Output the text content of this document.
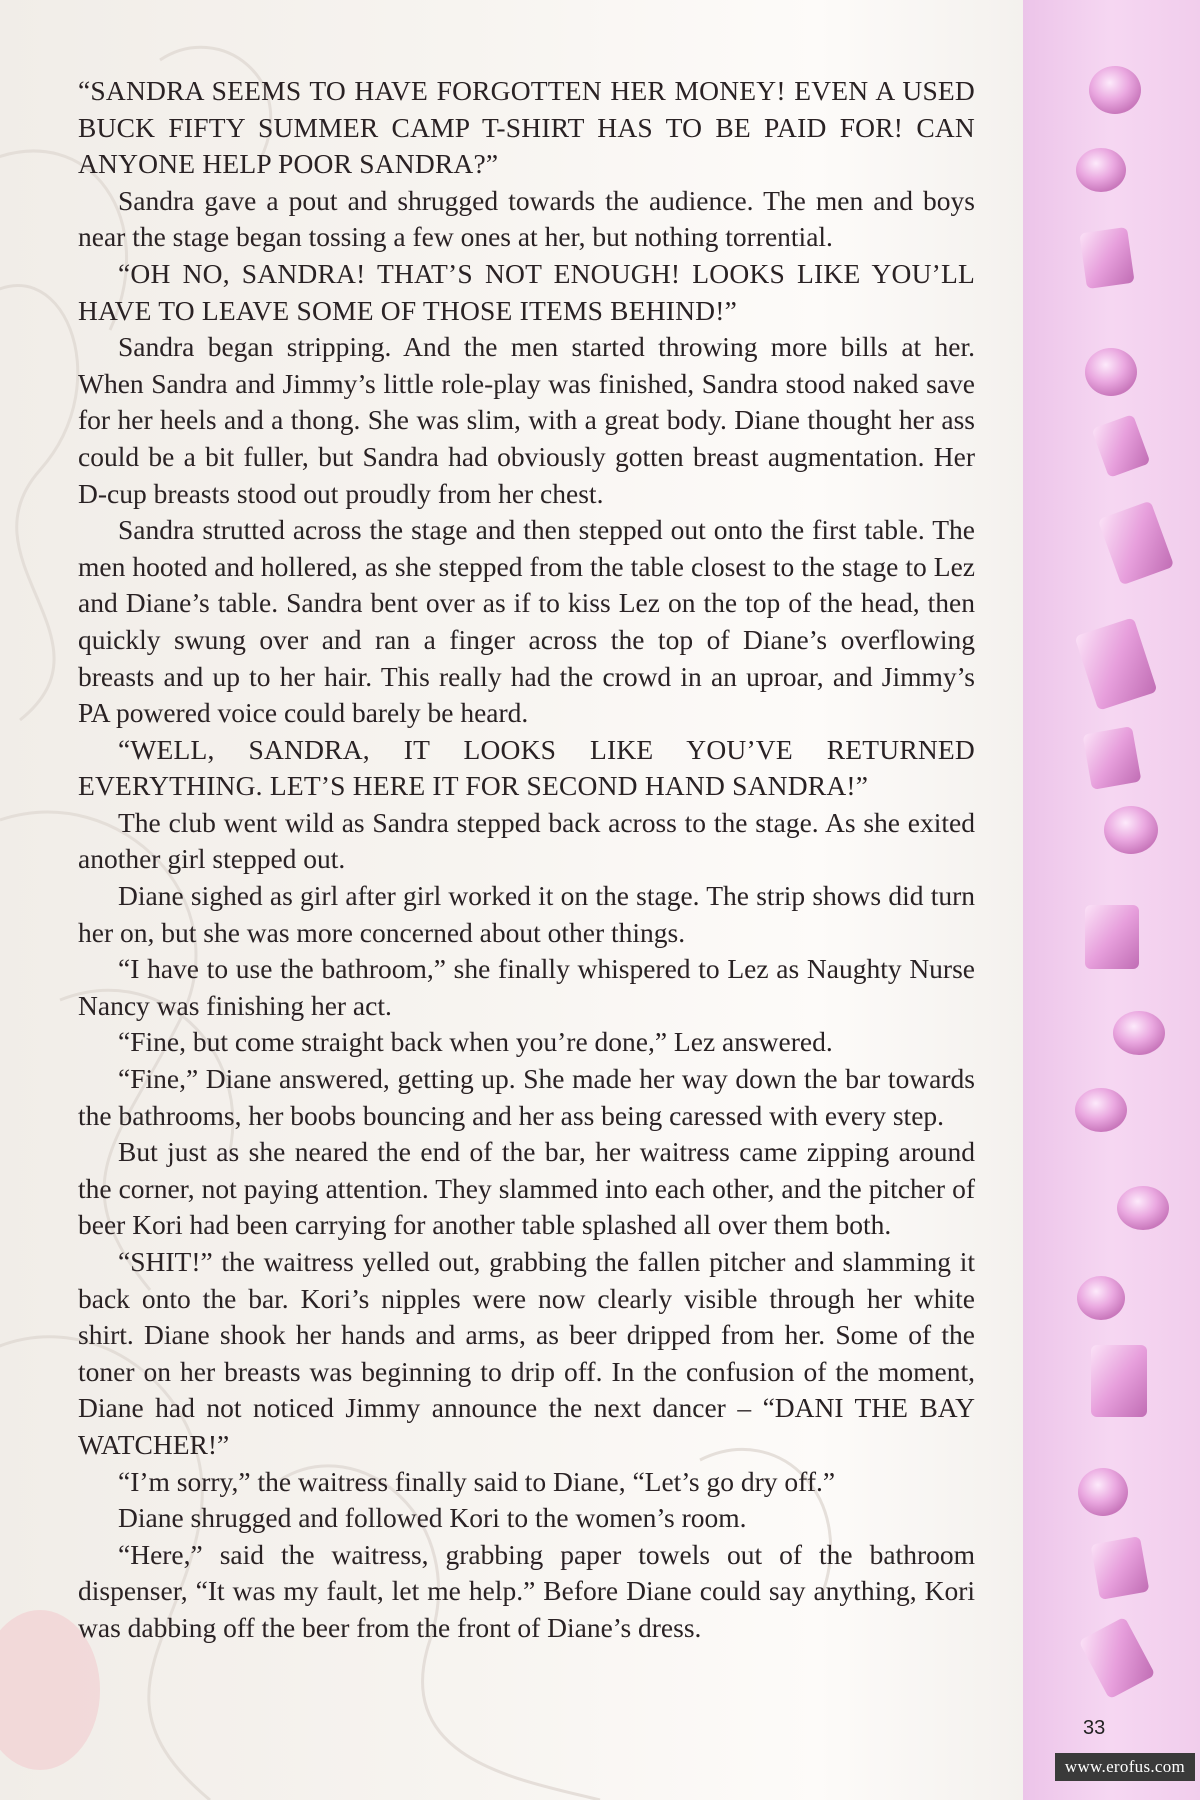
“SANDRA SEEMS TO HAVE FORGOTTEN HER MONEY! EVEN A USED BUCK FIFTY SUMMER CAMP T-SHIRT HAS TO BE PAID FOR! CAN ANYONE HELP POOR SANDRA?”

Sandra gave a pout and shrugged towards the audience. The men and boys near the stage began tossing a few ones at her, but nothing torrential.

“OH NO, SANDRA! THAT’S NOT ENOUGH! LOOKS LIKE YOU’LL HAVE TO LEAVE SOME OF THOSE ITEMS BEHIND!”

Sandra began stripping. And the men started throwing more bills at her. When Sandra and Jimmy’s little role-play was finished, Sandra stood naked save for her heels and a thong. She was slim, with a great body. Diane thought her ass could be a bit fuller, but Sandra had obviously gotten breast augmentation. Her D-cup breasts stood out proudly from her chest.

Sandra strutted across the stage and then stepped out onto the first table. The men hooted and hollered, as she stepped from the table closest to the stage to Lez and Diane’s table. Sandra bent over as if to kiss Lez on the top of the head, then quickly swung over and ran a finger across the top of Diane’s overflowing breasts and up to her hair. This really had the crowd in an uproar, and Jimmy’s PA powered voice could barely be heard.

“WELL, SANDRA, IT LOOKS LIKE YOU’VE RETURNED EVERYTHING. LET’S HERE IT FOR SECOND HAND SANDRA!”

The club went wild as Sandra stepped back across to the stage. As she exited another girl stepped out.

Diane sighed as girl after girl worked it on the stage. The strip shows did turn her on, but she was more concerned about other things.

“I have to use the bathroom,” she finally whispered to Lez as Naughty Nurse Nancy was finishing her act.

“Fine, but come straight back when you’re done,” Lez answered.

“Fine,” Diane answered, getting up. She made her way down the bar towards the bathrooms, her boobs bouncing and her ass being caressed with every step.

But just as she neared the end of the bar, her waitress came zipping around the corner, not paying attention. They slammed into each other, and the pitcher of beer Kori had been carrying for another table splashed all over them both.

“SHIT!” the waitress yelled out, grabbing the fallen pitcher and slamming it back onto the bar. Kori’s nipples were now clearly visible through her white shirt. Diane shook her hands and arms, as beer dripped from her. Some of the toner on her breasts was beginning to drip off. In the confusion of the moment, Diane had not noticed Jimmy announce the next dancer – “DANI THE BAY WATCHER!”

“I’m sorry,” the waitress finally said to Diane, “Let’s go dry off.”

Diane shrugged and followed Kori to the women’s room.

“Here,” said the waitress, grabbing paper towels out of the bathroom dispenser, “It was my fault, let me help.” Before Diane could say anything, Kori was dabbing off the beer from the front of Diane’s dress.

33
www.erofus.com
